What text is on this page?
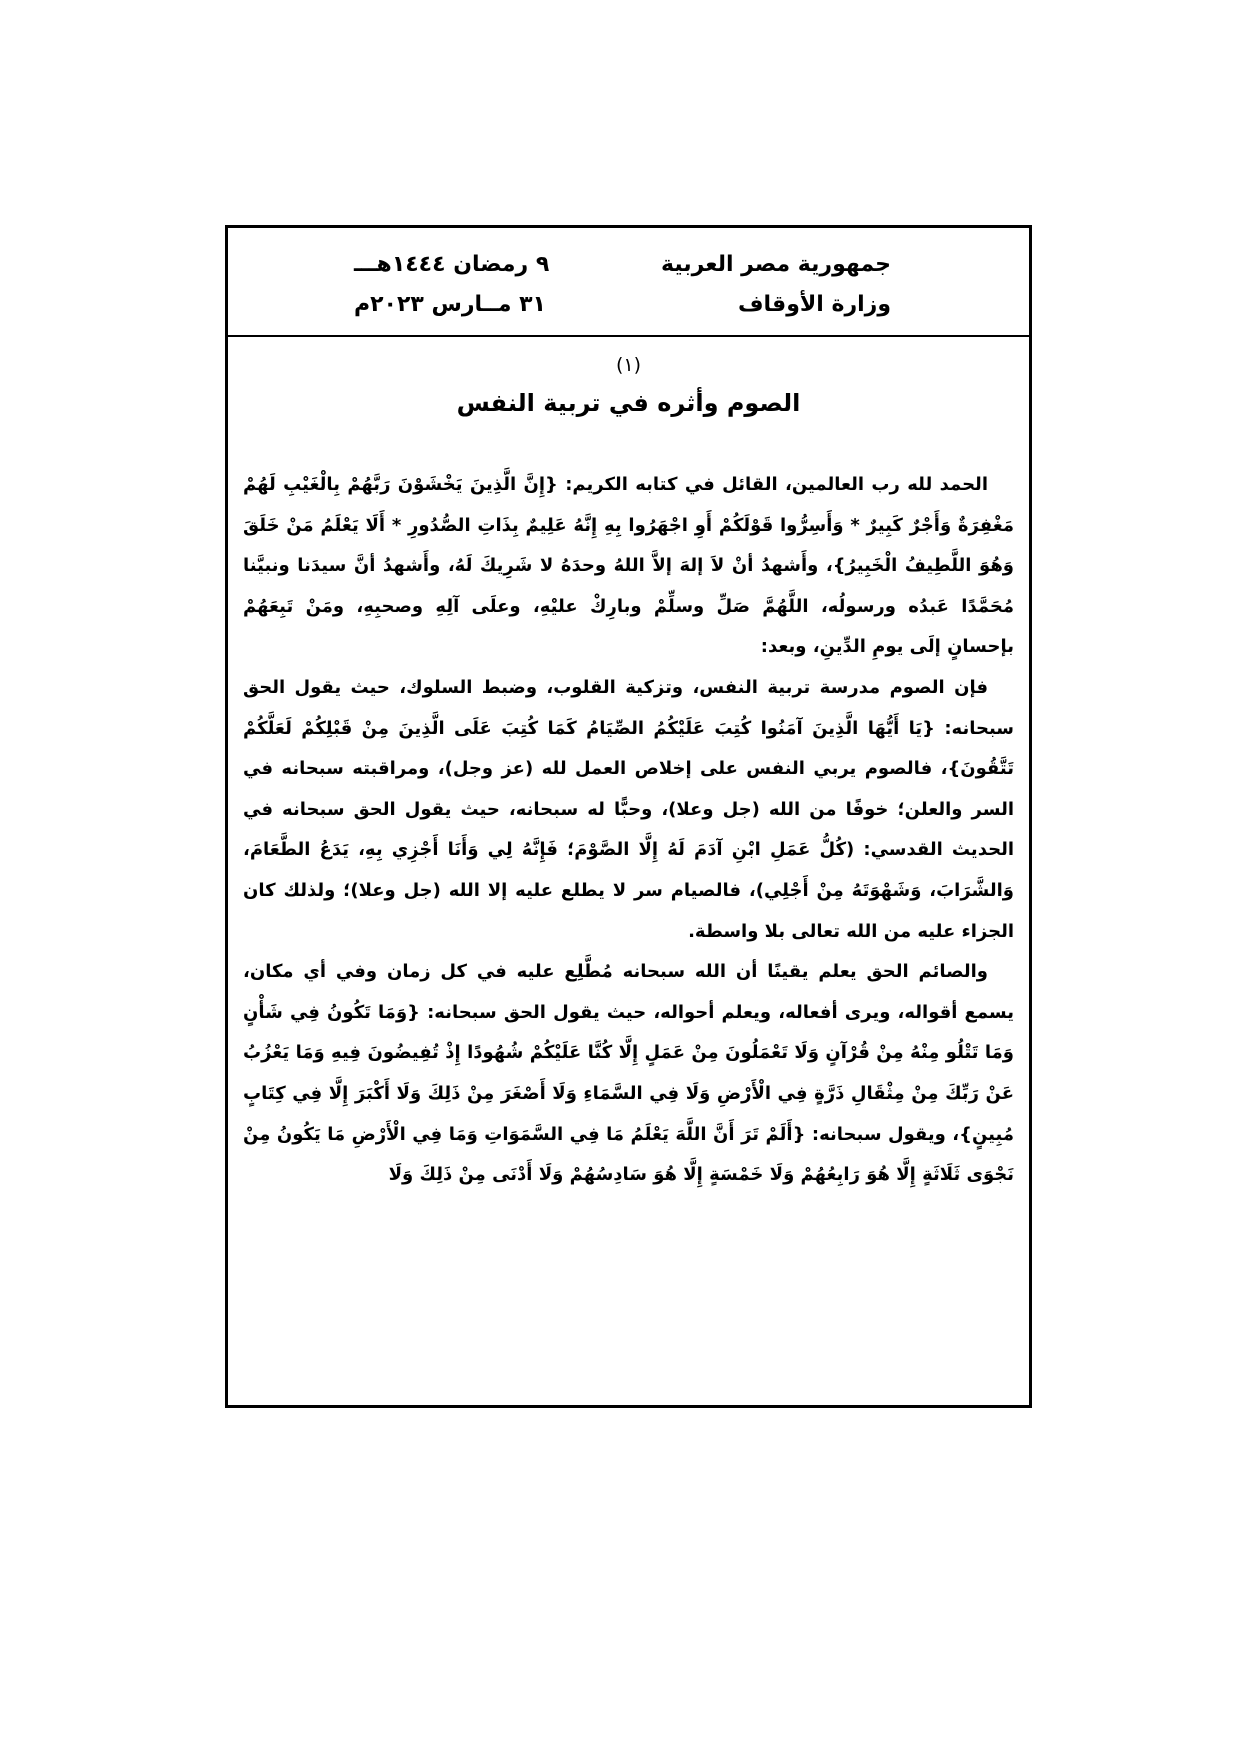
جمهورية مصر العربية
وزارة الأوقاف
٩ رمضان ١٤٤٤هـــ
٣١ مــارس ٢٠٢٣م
(١)
الصوم وأثره في تربية النفس

الحمد لله رب العالمين، القائل في كتابه الكريم: {إِنَّ الَّذِينَ يَخْشَوْنَ رَبَّهُمْ بِالْغَيْبِ لَهُمْ مَغْفِرَةٌ وَأَجْرٌ كَبِيرٌ * وَأَسِرُّوا قَوْلَكُمْ أَوِ اجْهَرُوا بِهِ إِنَّهُ عَلِيمٌ بِذَاتِ الصُّدُورِ * أَلَا يَعْلَمُ مَنْ خَلَقَ وَهُوَ اللَّطِيفُ الْخَبِيرُ}، وأَشهدُ أنْ لاَ إلهَ إلاَّ اللهُ وحدَهُ لا شَرِيكَ لَهُ، وأَشهدُ أنَّ سيدَنا ونبيَّنا مُحَمَّدًا عَبدُه ورسولُه، اللَّهُمَّ صَلِّ وسلِّمْ وبارِكْ عليْهِ، وعلَى آلِهِ وصحبِهِ، ومَنْ تَبِعَهُمْ بإحسانٍ إلَى يومِ الدِّينِ، وبعد:

فإن الصوم مدرسة تربية النفس، وتزكية القلوب، وضبط السلوك، حيث يقول الحق سبحانه: {يَا أَيُّهَا الَّذِينَ آمَنُوا كُتِبَ عَلَيْكُمُ الصِّيَامُ كَمَا كُتِبَ عَلَى الَّذِينَ مِنْ قَبْلِكُمْ لَعَلَّكُمْ تَتَّقُونَ}، فالصوم يربي النفس على إخلاص العمل لله (عز وجل)، ومراقبته سبحانه في السر والعلن؛ خوفًا من الله (جل وعلا)، وحبًّا له سبحانه، حيث يقول الحق سبحانه في الحديث القدسي: (كُلُّ عَمَلِ ابْنِ آدَمَ لَهُ إِلَّا الصَّوْمَ؛ فَإِنَّهُ لِي وَأَنَا أَجْزِي بِهِ، يَدَعُ الطَّعَامَ، وَالشَّرَابَ، وَشَهْوَتَهُ مِنْ أَجْلِي)، فالصيام سر لا يطلع عليه إلا الله (جل وعلا)؛ ولذلك كان الجزاء عليه من الله تعالى بلا واسطة.

والصائم الحق يعلم يقينًا أن الله سبحانه مُطَّلِع عليه في كل زمان وفي أي مكان، يسمع أقواله، ويرى أفعاله، ويعلم أحواله، حيث يقول الحق سبحانه: {وَمَا تَكُونُ فِي شَأْنٍ وَمَا تَتْلُو مِنْهُ مِنْ قُرْآنٍ وَلَا تَعْمَلُونَ مِنْ عَمَلٍ إِلَّا كُنَّا عَلَيْكُمْ شُهُودًا إِذْ تُفِيضُونَ فِيهِ وَمَا يَعْزُبُ عَنْ رَبِّكَ مِنْ مِثْقَالِ ذَرَّةٍ فِي الْأَرْضِ وَلَا فِي السَّمَاءِ وَلَا أَصْغَرَ مِنْ ذَلِكَ وَلَا أَكْبَرَ إِلَّا فِي كِتَابٍ مُبِينٍ}، ويقول سبحانه: {أَلَمْ تَرَ أَنَّ اللَّهَ يَعْلَمُ مَا فِي السَّمَوَاتِ وَمَا فِي الْأَرْضِ مَا يَكُونُ مِنْ نَجْوَى ثَلَاثَةٍ إِلَّا هُوَ رَابِعُهُمْ وَلَا خَمْسَةٍ إِلَّا هُوَ سَادِسُهُمْ وَلَا أَدْنَى مِنْ ذَلِكَ وَلَا
